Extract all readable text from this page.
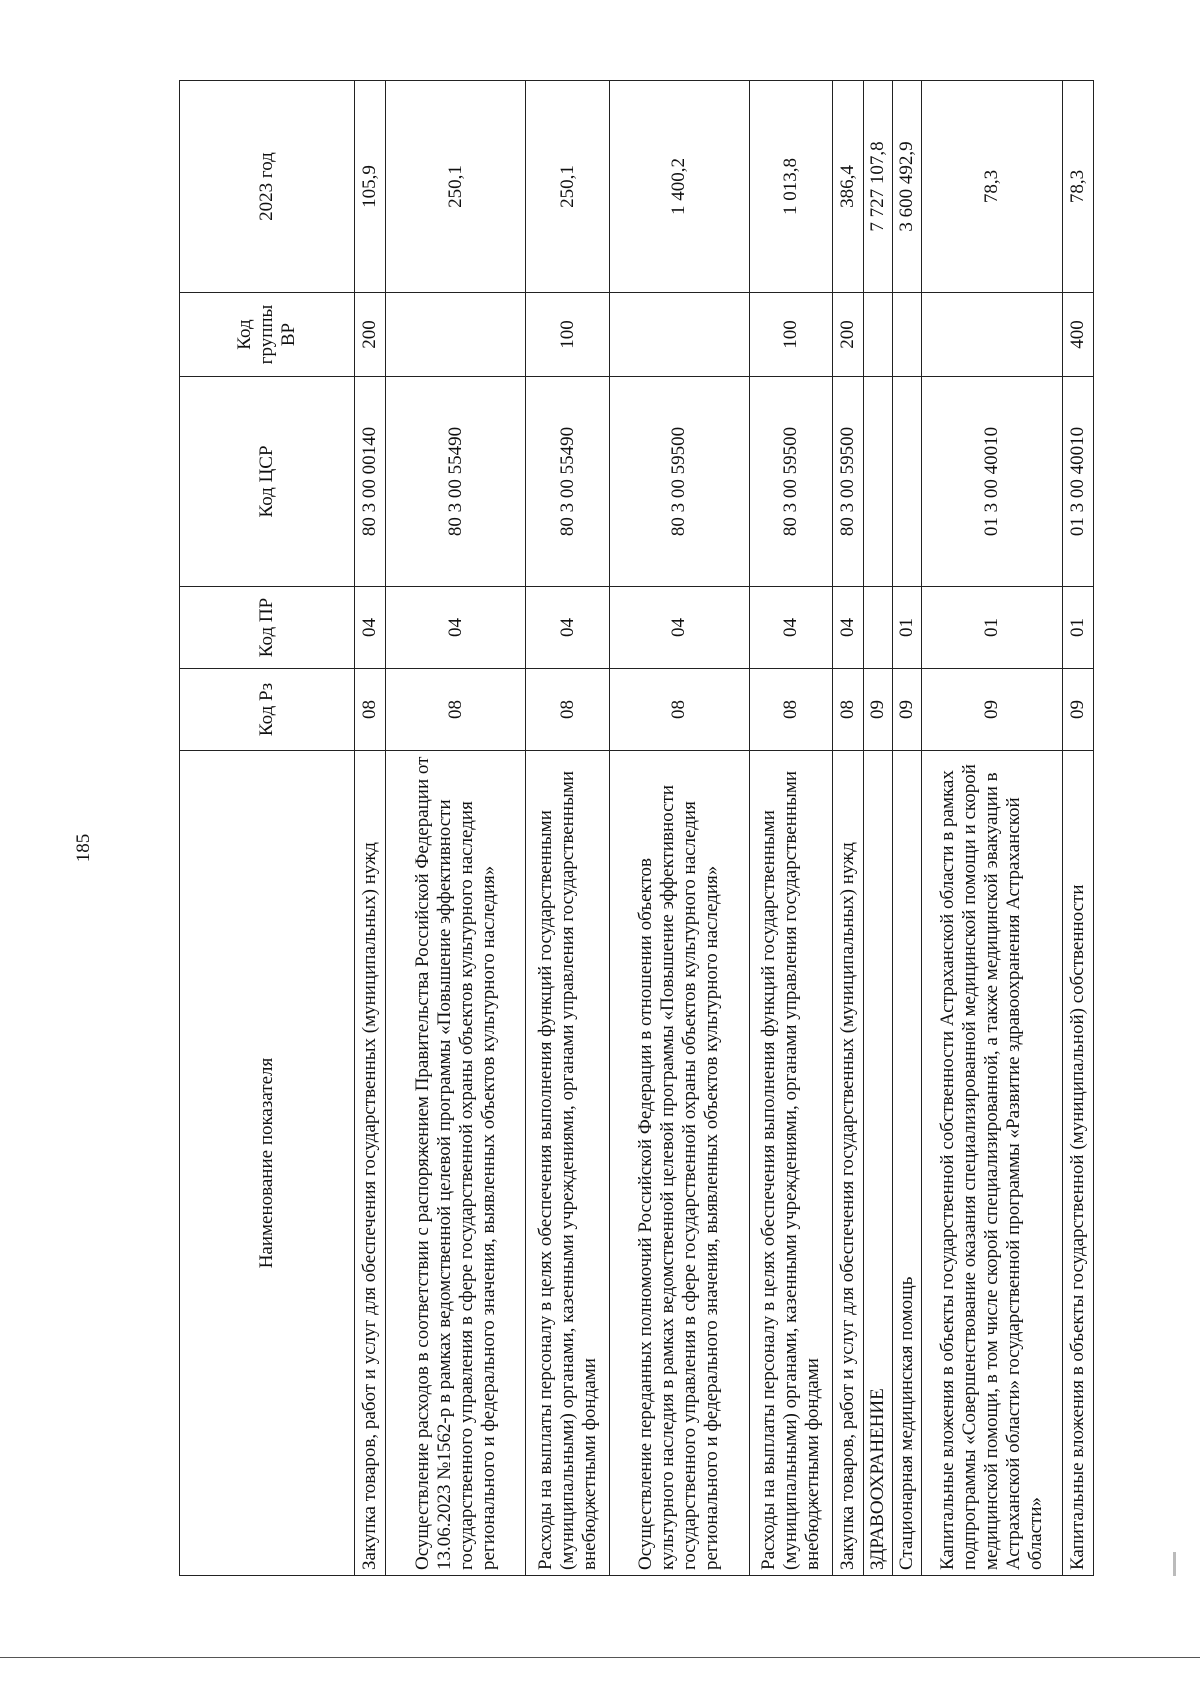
185
Наименование показателя	Код Рз	Код ПР	Код ЦСР	Код группы ВР	2023 год
Закупка товаров, работ и услуг для обеспечения государственных (муниципальных) нужд	08	04	80 3 00 00140	200	105,9
Осуществление расходов в соответствии с распоряжением Правительства Российской Федерации от 13.06.2023 №1562-р в рамках ведомственной целевой программы «Повышение эффективности государственного управления в сфере государственной охраны объектов культурного наследия регионального и федерального значения, выявленных объектов культурного наследия»	08	04	80 3 00 55490		250,1
Расходы на выплаты персоналу в целях обеспечения выполнения функций государственными (муниципальными) органами, казенными учреждениями, органами управления государственными внебюджетными фондами	08	04	80 3 00 55490	100	250,1
Осуществление переданных полномочий Российской Федерации в отношении объектов культурного наследия в рамках ведомственной целевой программы «Повышение эффективности государственного управления в сфере государственной охраны объектов культурного наследия регионального и федерального значения, выявленных объектов культурного наследия»	08	04	80 3 00 59500		1 400,2
Расходы на выплаты персоналу в целях обеспечения выполнения функций государственными (муниципальными) органами, казенными учреждениями, органами управления государственными внебюджетными фондами	08	04	80 3 00 59500	100	1 013,8
Закупка товаров, работ и услуг для обеспечения государственных (муниципальных) нужд	08	04	80 3 00 59500	200	386,4
ЗДРАВООХРАНЕНИЕ	09				7 727 107,8
Стационарная медицинская помощь	09	01			3 600 492,9
Капитальные вложения в объекты государственной собственности Астраханской области в рамках подпрограммы «Совершенствование оказания специализированной медицинской помощи и скорой медицинской помощи, в том числе скорой специализированной, а также медицинской эвакуации в Астраханской области» государственной программы «Развитие здравоохранения Астраханской области»	09	01	01 3 00 40010		78,3
Капитальные вложения в объекты государственной (муниципальной) собственности	09	01	01 3 00 40010	400	78,3
